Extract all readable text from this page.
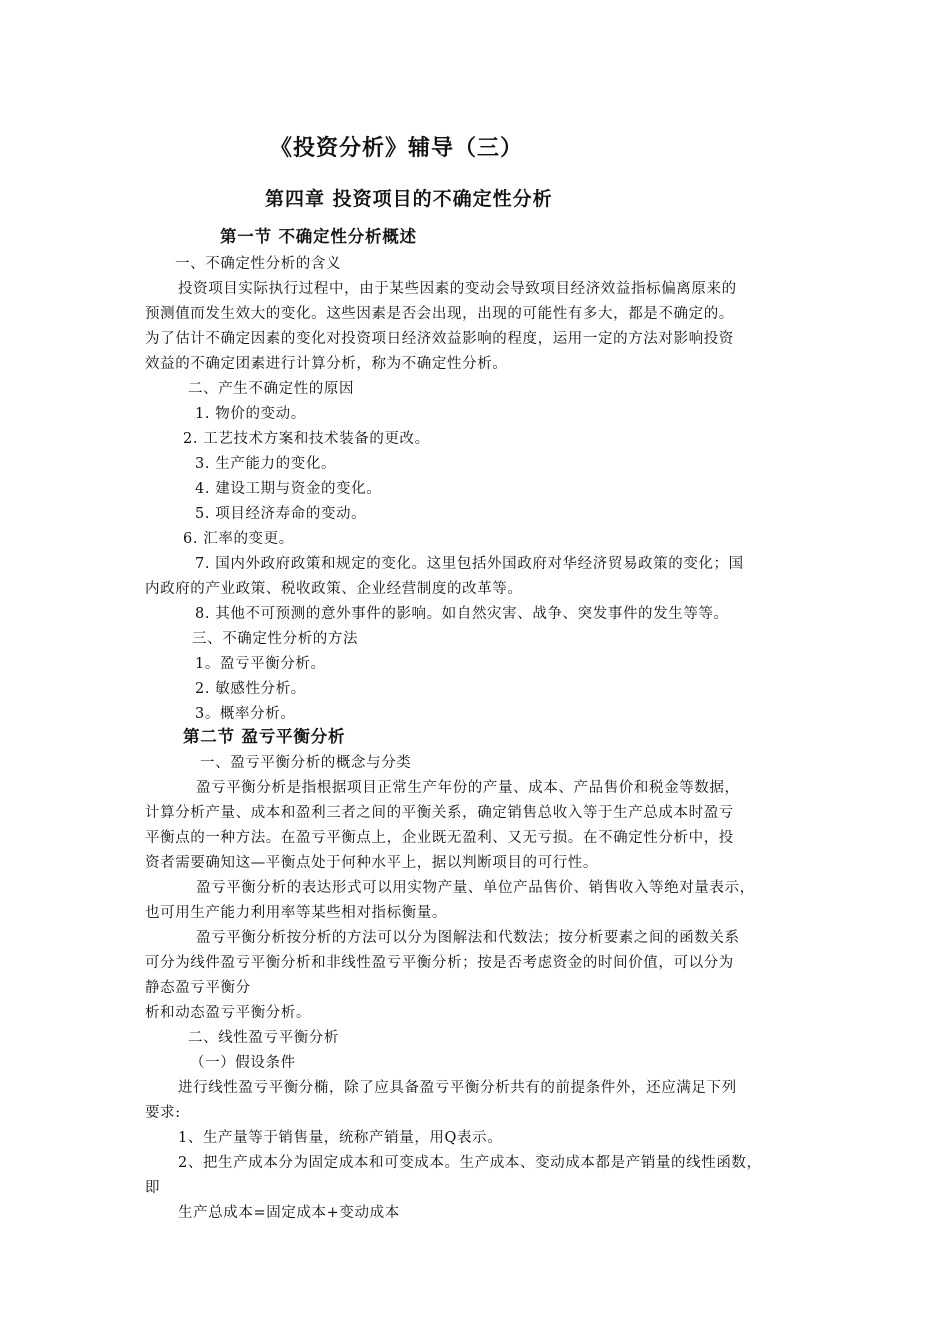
《投资分析》辅导（三）
第四章 投资项目的不确定性分析
第一节 不确定性分析概述
一、不确定性分析的含义
投资项目实际执行过程中，由于某些因素的变动会导致项目经济效益指标偏离原来的
预测值而发生效大的变化。这些因素是否会出现，出现的可能性有多大，都是不确定的。
为了估计不确定因素的变化对投资项日经济效益影响的程度，运用一定的方法对影响投资
效益的不确定团素进行计算分析，称为不确定性分析。
二、产生不确定性的原因
1. 物价的变动。
2. 工艺技术方案和技术装备的更改。
3. 生产能力的变化。
4. 建设工期与资金的变化。
5. 项目经济寿命的变动。
6. 汇率的变更。
7. 国内外政府政策和规定的变化。这里包括外国政府对华经济贸易政策的变化；国
内政府的产业政策、税收政策、企业经营制度的改革等。
8. 其他不可预测的意外事件的影响。如自然灾害、战争、突发事件的发生等等。
三、不确定性分析的方法
1。盈亏平衡分析。
2. 敏感性分析。
3。概率分析。
第二节 盈亏平衡分析
一、盈亏平衡分析的概念与分类
盈亏平衡分析是指根据项目正常生产年份的产量、成本、产品售价和税金等数据，
计算分析产量、成本和盈利三者之间的平衡关系，确定销售总收入等于生产总成本时盈亏
平衡点的一种方法。在盈亏平衡点上，企业既无盈利、又无亏损。在不确定性分析中，投
资者需要确知这—平衡点处于何种水平上，据以判断项目的可行性。
盈亏平衡分析的表达形式可以用实物产量、单位产品售价、销售收入等绝对量表示，
也可用生产能力利用率等某些相对指标衡量。
盈亏平衡分析按分析的方法可以分为图解法和代数法；按分析要素之间的函数关系
可分为线件盈亏平衡分析和非线性盈亏平衡分析；按是否考虑资金的时间价值，可以分为
静态盈亏平衡分
析和动态盈亏平衡分析。
二、线性盈亏平衡分析
（一）假设条件
进行线性盈亏平衡分椭，除了应具备盈亏平衡分析共有的前提条件外，还应满足下列
要求:
1、生产量等于销售量，统称产销量，用Q表示。
2、把生产成本分为固定成本和可变成本。生产成本、变动成本都是产销量的线性函数，
即
生产总成本=固定成本+变动成本
